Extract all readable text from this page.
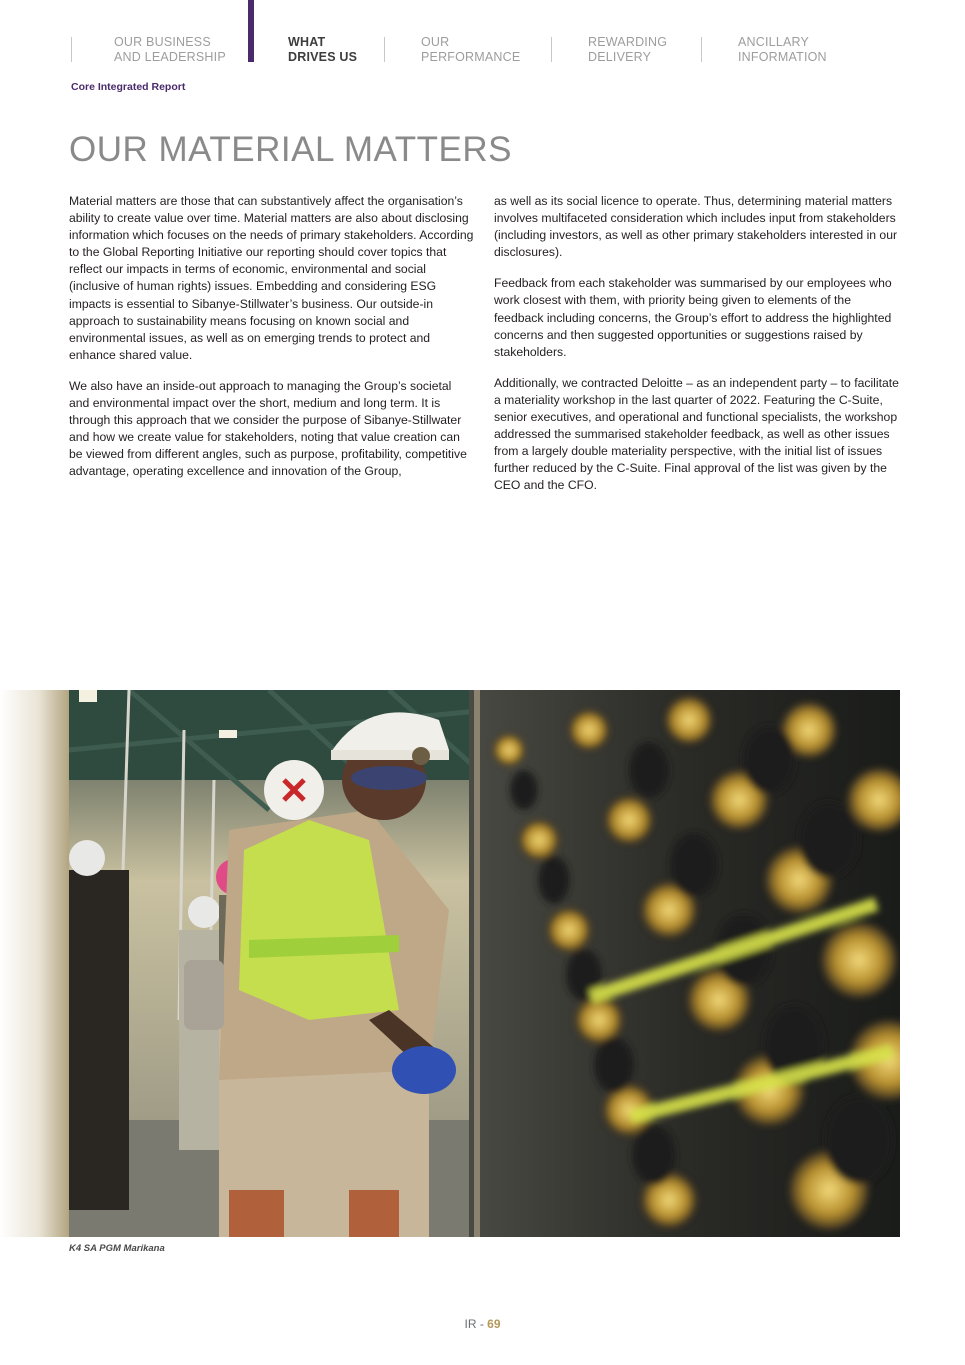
OUR BUSINESS
AND LEADERSHIP
WHAT
DRIVES US
OUR
PERFORMANCE
REWARDING
DELIVERY
ANCILLARY
INFORMATION
Core Integrated Report
OUR MATERIAL MATTERS

Material matters are those that can substantively affect the organisation’s ability to create value over time. Material matters are also about disclosing information which focuses on the needs of primary stakeholders. According to the Global Reporting Initiative our reporting should cover topics that reflect our impacts in terms of economic, environmental and social (inclusive of human rights) issues. Embedding and considering ESG impacts is essential to Sibanye-Stillwater’s business. Our outside-in approach to sustainability means focusing on known social and environmental issues, as well as on emerging trends to protect and enhance shared value.

We also have an inside-out approach to managing the Group’s societal and environmental impact over the short, medium and long term. It is through this approach that we consider the purpose of Sibanye-Stillwater and how we create value for stakeholders, noting that value creation can be viewed from different angles, such as purpose, profitability, competitive advantage, operating excellence and innovation of the Group,

as well as its social licence to operate. Thus, determining material matters involves multifaceted consideration which includes input from stakeholders (including investors, as well as other primary stakeholders interested in our disclosures).

Feedback from each stakeholder was summarised by our employees who work closest with them, with priority being given to elements of the feedback including concerns, the Group’s effort to address the highlighted concerns and then suggested opportunities or suggestions raised by stakeholders.

Additionally, we contracted Deloitte – as an independent party – to facilitate a materiality workshop in the last quarter of 2022. Featuring the C-Suite, senior executives, and operational and functional specialists, the workshop addressed the summarised stakeholder feedback, as well as other issues from a largely double materiality perspective, with the initial list of issues further reduced by the C-Suite. Final approval of the list was given by the CEO and the CFO.

K4 SA PGM Marikana
IR - 69
